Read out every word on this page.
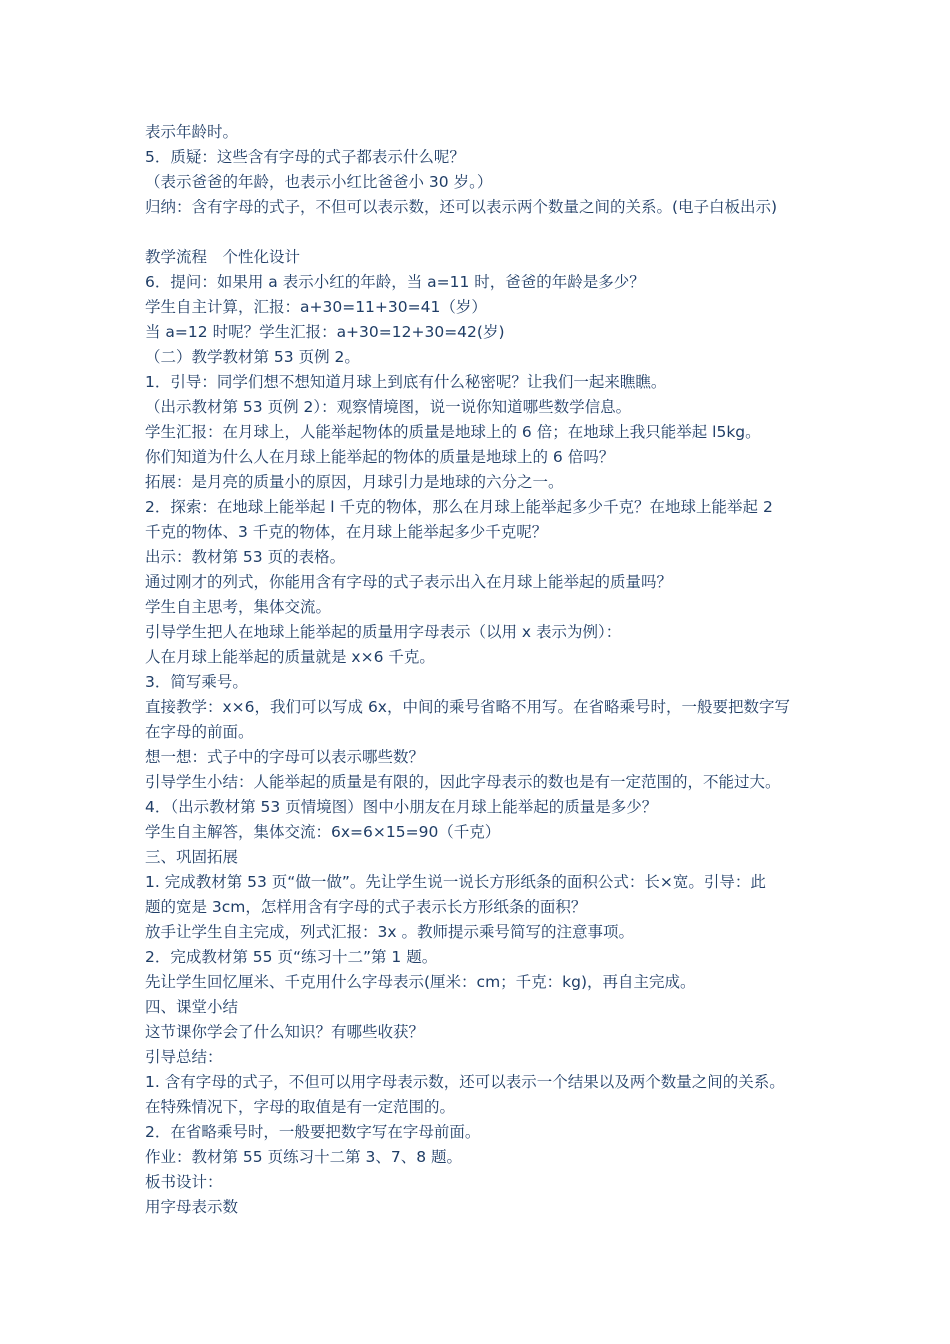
表示年龄时。
5．质疑：这些含有字母的式子都表示什么呢？
（表示爸爸的年龄，也表示小红比爸爸小 30 岁。）
归纳：含有字母的式子，不但可以表示数，还可以表示两个数量之间的关系。(电子白板出示)
教学流程　个性化设计
6．提问：如果用 a 表示小红的年龄，当 a=11 时，爸爸的年龄是多少？
学生自主计算，汇报：a+30=11+30=41（岁）
当 a=12 时呢？学生汇报：a+30=12+30=42(岁)
（二）教学教材第 53 页例 2。
1．引导：同学们想不想知道月球上到底有什么秘密呢？让我们一起来瞧瞧。
（出示教材第 53 页例 2）：观察情境图，说一说你知道哪些数学信息。
学生汇报：在月球上，人能举起物体的质量是地球上的 6 倍；在地球上我只能举起 l5kg。
你们知道为什么人在月球上能举起的物体的质量是地球上的 6 倍吗？
拓展：是月亮的质量小的原因，月球引力是地球的六分之一。
2．探索：在地球上能举起 l 千克的物体，那么在月球上能举起多少千克？在地球上能举起 2
千克的物体、3 千克的物体，在月球上能举起多少千克呢？
出示：教材第 53 页的表格。
通过刚才的列式，你能用含有字母的式子表示出入在月球上能举起的质量吗？
学生自主思考，集体交流。
引导学生把人在地球上能举起的质量用字母表示（以用 x 表示为例）：
人在月球上能举起的质量就是 x×6 千克。
3．简写乘号。
直接教学：x×6，我们可以写成 6x，中间的乘号省略不用写。在省略乘号时，一般要把数字写
在字母的前面。
想一想：式子中的字母可以表示哪些数？
引导学生小结：人能举起的质量是有限的，因此字母表示的数也是有一定范围的，不能过大。
4．（出示教材第 53 页情境图）图中小朋友在月球上能举起的质量是多少？
学生自主解答，集体交流：6x=6×15=90（千克）
三、巩固拓展
1. 完成教材第 53 页“做一做”。先让学生说一说长方形纸条的面积公式：长×宽。引导：此
题的宽是 3cm，怎样用含有字母的式子表示长方形纸条的面积？
放手让学生自主完成，列式汇报：3x 。教师提示乘号简写的注意事项。
2．完成教材第 55 页“练习十二”第 1 题。
先让学生回忆厘米、千克用什么字母表示(厘米：cm；千克：kg)，再自主完成。
四、课堂小结
这节课你学会了什么知识？有哪些收获？
引导总结：
1. 含有字母的式子，不但可以用字母表示数，还可以表示一个结果以及两个数量之间的关系。
在特殊情况下，字母的取值是有一定范围的。
2．在省略乘号时，一般要把数字写在字母前面。
作业：教材第 55 页练习十二第 3、7、8 题。
板书设计：
用字母表示数
